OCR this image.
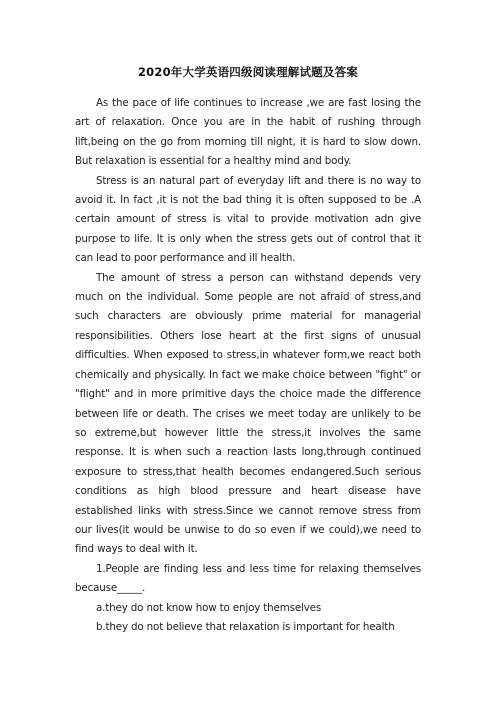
2020年大学英语四级阅读理解试题及答案

As the pace of life continues to increase ,we are fast losing the art of relaxation. Once you are in the habit of rushing through lift,being on the go from morning till night, it is hard to slow down. But relaxation is essential for a healthy mind and body.

Stress is an natural part of everyday lift and there is no way to avoid it. In fact ,it is not the bad thing it is often supposed to be .A certain amount of stress is vital to provide motivation adn give purpose to life. It is only when the stress gets out of control that it can lead to poor performance and ill health.

The amount of stress a person can withstand depends very much on the individual. Some people are not afraid of stress,and such characters are obviously prime material for managerial responsibilities. Others lose heart at the first signs of unusual difficulties. When exposed to stress,in whatever form,we react both chemically and physically. In fact we make choice between "fight" or "flight" and in more primitive days the choice made the difference between life or death. The crises we meet today are unlikely to be so extreme,but however little the stress,it involves the same response. It is when such a reaction lasts long,through continued exposure to stress,that health becomes endangered.Such serious conditions as high blood pressure and heart disease have established links with stress.Since we cannot remove stress from our lives(it would be unwise to do so even if we could),we need to find ways to deal with it.

1.People are finding less and less time for relaxing themselves because_____.

a.they do not know how to enjoy themselves

b.they do not believe that relaxation is important for health
